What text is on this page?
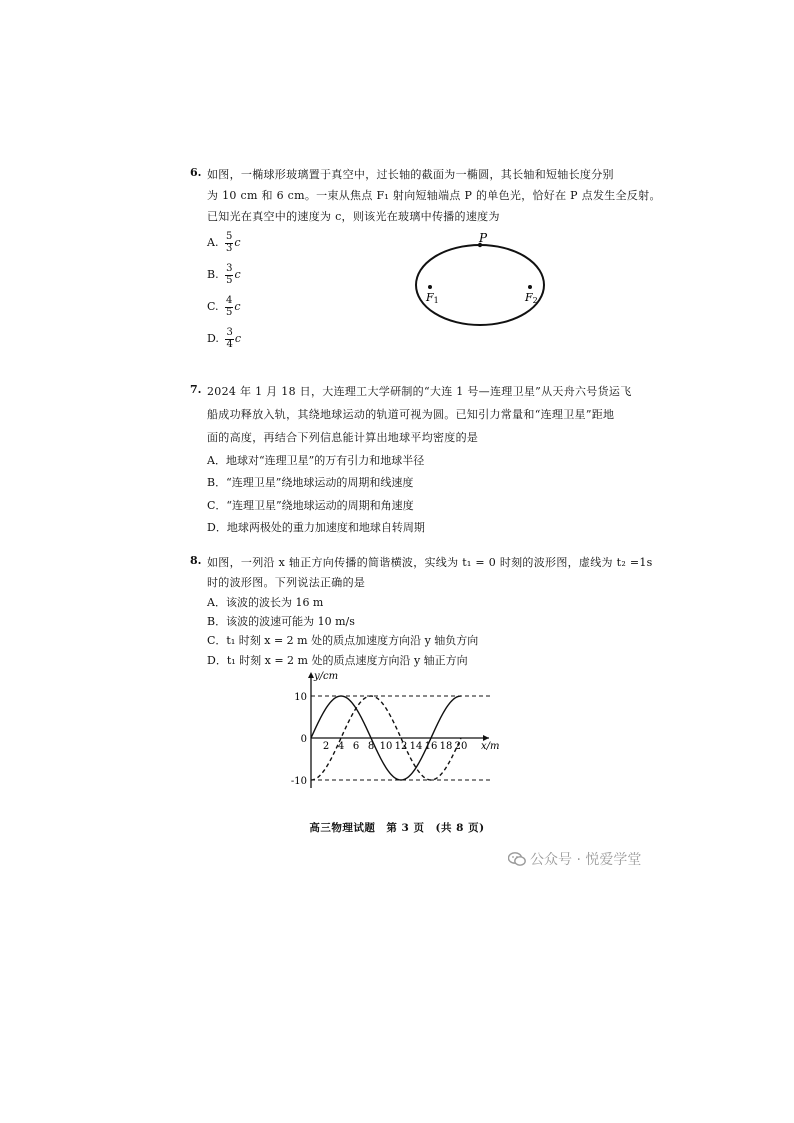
6. 如图，一椭球形玻璃置于真空中，过长轴的截面为一椭圆，其长轴和短轴长度分别
为 10 cm 和 6 cm。一束从焦点 F₁ 射向短轴端点 P 的单色光，恰好在 P 点发生全反射。
已知光在真空中的速度为 c，则该光在玻璃中传播的速度为
A. $\frac{5}{3}$ c
B. $\frac{3}{5}$ c
C. $\frac{4}{5}$ c
D. $\frac{3}{4}$ c
P
F1	F2
7. 2024 年 1 月 18 日，大连理工大学研制的“大连 1 号—连理卫星”从天舟六号货运飞
船成功释放入轨，其绕地球运动的轨道可视为圆。已知引力常量和“连理卫星”距地
面的高度，再结合下列信息能计算出地球平均密度的是
A．地球对“连理卫星”的万有引力和地球半径
B．“连理卫星”绕地球运动的周期和线速度
C．“连理卫星”绕地球运动的周期和角速度
D．地球两极处的重力加速度和地球自转周期
8. 如图，一列沿 x 轴正方向传播的简谐横波，实线为 t₁ = 0 时刻的波形图，虚线为 t₂ =1s
时的波形图。下列说法正确的是
A．该波的波长为 16 m
B．该波的波速可能为 10 m/s
C．t₁ 时刻 x = 2 m 处的质点加速度方向沿 y 轴负方向
D．t₁ 时刻 x = 2 m 处的质点速度方向沿 y 轴正方向
y/cm
x/m
10
0
-10
2 4 6 8 10 12 14 16 18 20
高三物理试题　第 3 页　(共 8 页)
公众号 · 悦爱学堂
